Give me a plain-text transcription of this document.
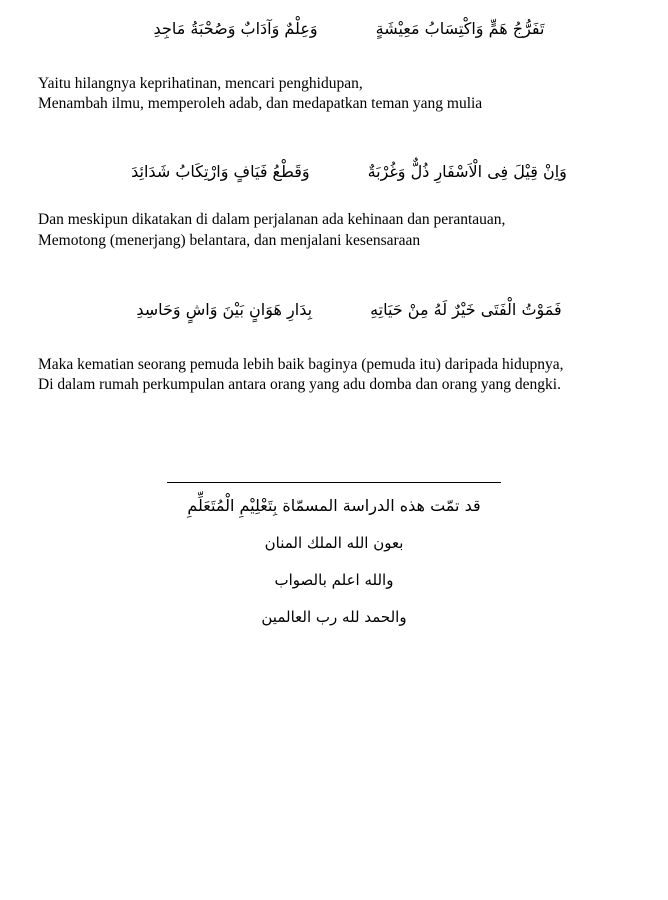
تَفَرُّجُ هَمٍّ وَاكْتِسَابُ مَعِيْشَةٍ
وَعِلْمٌ وَآدَابٌ وَصُحْبَةُ مَاجِدِ
Yaitu hilangnya keprihatinan, mencari penghidupan,
Menambah ilmu, memperoleh adab, dan medapatkan teman yang mulia
وَاِنْ قِيْلَ فِى الْاَسْفَارِ ذُلٌّ وَغُرْبَةٌ
وَقَطْعُ فَيَافٍ وَارْتِكَابُ شَدَائِدَ
Dan meskipun dikatakan di dalam perjalanan ada kehinaan dan perantauan,
Memotong (menerjang) belantara, dan menjalani kesensaraan
فَمَوْتُ الْفَتَى خَيْرٌ لَهُ مِنْ حَيَاتِهِ
بِدَارِ هَوَانٍ بَيْنَ وَاشٍ وَحَاسِدِ
Maka kematian seorang pemuda lebih baik baginya (pemuda itu) daripada hidupnya,
Di dalam rumah perkumpulan antara orang yang adu domba dan orang yang dengki.
قد تمّت هذه الدراسة المسمّاة بِتَعْلِيْمِ الْمُتَعَلِّمِ
بعون الله الملك المنان
والله اعلم بالصواب
والحمد لله رب العالمين
